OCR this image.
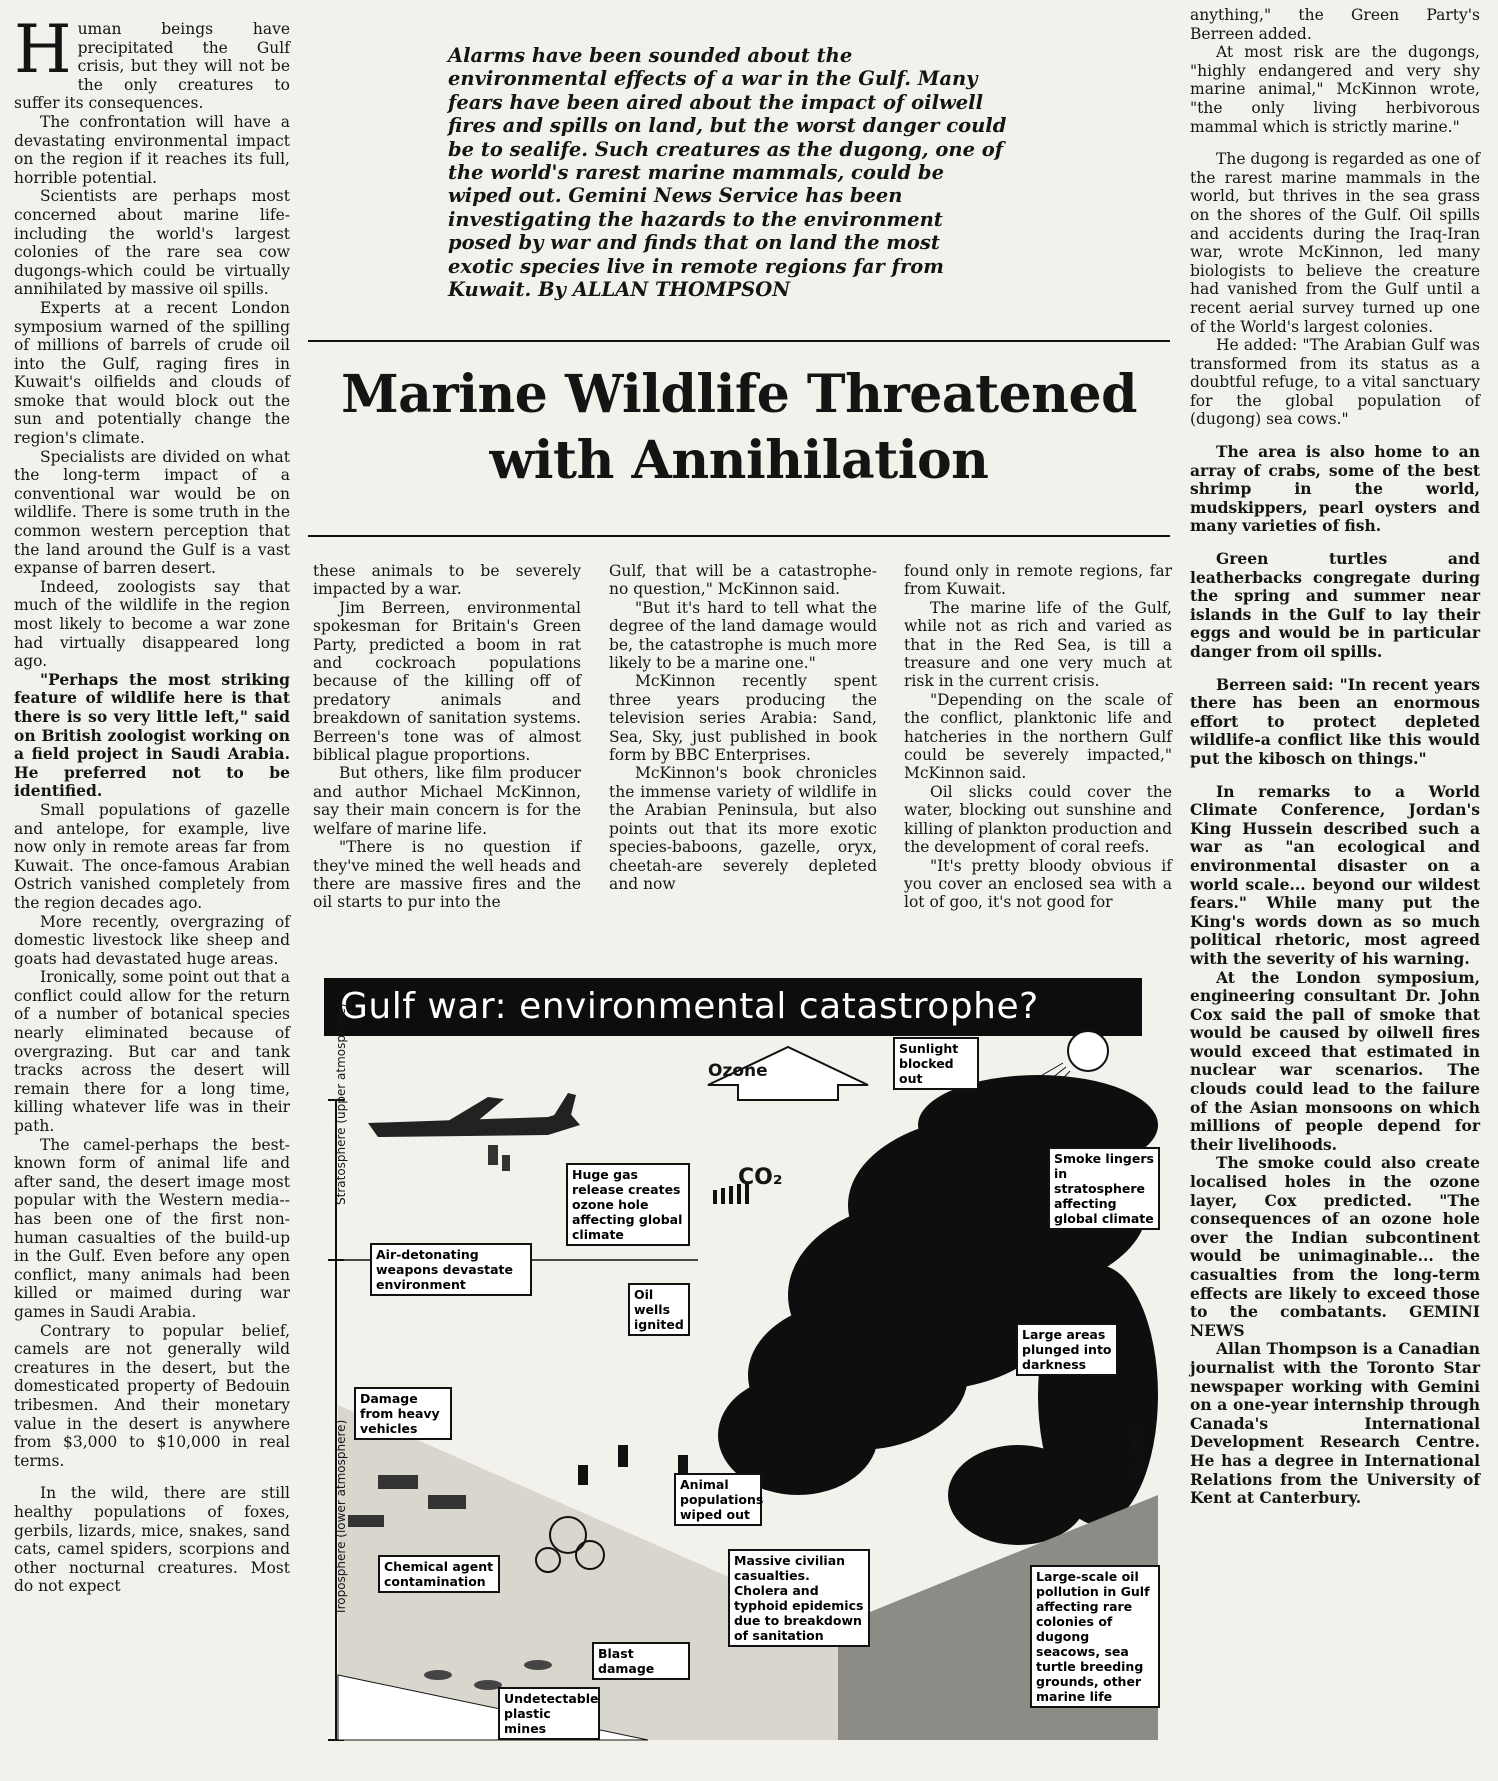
Human beings have precipitated the Gulf crisis, but they will not be the only creatures to suffer its consequences.

The confrontation will have a devastating environmental impact on the region if it reaches its full, horrible potential.

Scientists are perhaps most concerned about marine life-including the world's largest colonies of the rare sea cow dugongs-which could be virtually annihilated by massive oil spills.

Experts at a recent London symposium warned of the spilling of millions of barrels of crude oil into the Gulf, raging fires in Kuwait's oilfields and clouds of smoke that would block out the sun and potentially change the region's climate.

Specialists are divided on what the long-term impact of a conventional war would be on wildlife. There is some truth in the common western perception that the land around the Gulf is a vast expanse of barren desert.

Indeed, zoologists say that much of the wildlife in the region most likely to become a war zone had virtually disappeared long ago.

"Perhaps the most striking feature of wildlife here is that there is so very little left," said on British zoologist working on a field project in Saudi Arabia. He preferred not to be identified.

Small populations of gazelle and antelope, for example, live now only in remote areas far from Kuwait. The once-famous Arabian Ostrich vanished completely from the region decades ago.

More recently, overgrazing of domestic livestock like sheep and goats had devastated huge areas.

Ironically, some point out that a conflict could allow for the return of a number of botanical species nearly eliminated because of overgrazing. But car and tank tracks across the desert will remain there for a long time, killing whatever life was in their path.

The camel-perhaps the best-known form of animal life and after sand, the desert image most popular with the Western media-- has been one of the first non-human casualties of the build-up in the Gulf. Even before any open conflict, many animals had been killed or maimed during war games in Saudi Arabia.

Contrary to popular belief, camels are not generally wild creatures in the desert, but the domesticated property of Bedouin tribesmen. And their monetary value in the desert is anywhere from $3,000 to $10,000 in real terms.

In the wild, there are still healthy populations of foxes, gerbils, lizards, mice, snakes, sand cats, camel spiders, scorpions and other nocturnal creatures. Most do not expect

Alarms have been sounded about the environmental effects of a war in the Gulf. Many fears have been aired about the impact of oilwell fires and spills on land, but the worst danger could be to sealife. Such creatures as the dugong, one of the world's rarest marine mammals, could be wiped out. Gemini News Service has been investigating the hazards to the environment posed by war and finds that on land the most exotic species live in remote regions far from Kuwait. By ALLAN THOMPSON
Marine Wildlife Threatened
with Annihilation

these animals to be severely impacted by a war.

Jim Berreen, environmental spokesman for Britain's Green Party, predicted a boom in rat and cockroach populations because of the killing off of predatory animals and breakdown of sanitation systems. Berreen's tone was of almost biblical plague proportions.

But others, like film producer and author Michael McKinnon, say their main concern is for the welfare of marine life.

"There is no question if they've mined the well heads and there are massive fires and the oil starts to pur into the

Gulf, that will be a catastrophe-no question," McKinnon said.

"But it's hard to tell what the degree of the land damage would be, the catastrophe is much more likely to be a marine one."

McKinnon recently spent three years producing the television series Arabia: Sand, Sea, Sky, just published in book form by BBC Enterprises.

McKinnon's book chronicles the immense variety of wildlife in the Arabian Peninsula, but also points out that its more exotic species-baboons, gazelle, oryx, cheetah-are severely depleted and now

found only in remote regions, far from Kuwait.

The marine life of the Gulf, while not as rich and varied as that in the Red Sea, is till a treasure and one very much at risk in the current crisis.

"Depending on the scale of the conflict, planktonic life and hatcheries in the northern Gulf could be severely impacted," McKinnon said.

Oil slicks could cover the water, blocking out sunshine and killing of plankton production and the development of coral reefs.

"It's pretty bloody obvious if you cover an enclosed sea with a lot of goo, it's not good for

anything," the Green Party's Berreen added.

At most risk are the dugongs, "highly endangered and very shy marine animal," McKinnon wrote, "the only living herbivorous mammal which is strictly marine."

The dugong is regarded as one of the rarest marine mammals in the world, but thrives in the sea grass on the shores of the Gulf. Oil spills and accidents during the Iraq-Iran war, wrote McKinnon, led many biologists to believe the creature had vanished from the Gulf until a recent aerial survey turned up one of the World's largest colonies.

He added: "The Arabian Gulf was transformed from its status as a doubtful refuge, to a vital sanctuary for the global population of (dugong) sea cows."

The area is also home to an array of crabs, some of the best shrimp in the world, mudskippers, pearl oysters and many varieties of fish.

Green turtles and leatherbacks congregate during the spring and summer near islands in the Gulf to lay their eggs and would be in particular danger from oil spills.

Berreen said: "In recent years there has been an enormous effort to protect depleted wildlife-a conflict like this would put the kibosch on things."

In remarks to a World Climate Conference, Jordan's King Hussein described such a war as "an ecological and environmental disaster on a world scale... beyond our wildest fears." While many put the King's words down as so much political rhetoric, most agreed with the severity of his warning.

At the London symposium, engineering consultant Dr. John Cox said the pall of smoke that would be caused by oilwell fires would exceed that estimated in nuclear war scenarios. The clouds could lead to the failure of the Asian monsoons on which millions of people depend for their livelihoods.

The smoke could also create localised holes in the ozone layer, Cox predicted. "The consequences of an ozone hole over the Indian subcontinent would be unimaginable... the casualties from the long-term effects are likely to exceed those to the combatants. GEMINI NEWS

Allan Thompson is a Canadian journalist with the Toronto Star newspaper working with Gemini on a one-year internship through Canada's International Development Research Centre. He has a degree in International Relations from the University of Kent at Canterbury.

Gulf war: environmental catastrophe?
Stratosphere (upper atmosphere)
Troposphere (lower atmosphere)
Ozone
CO₂
Sunlight blocked out
Huge gas release creates ozone hole affecting global climate
Smoke lingers in stratosphere affecting global climate
Air-detonating weapons devastate environment
Oil wells ignited
Large areas plunged into darkness
Damage from heavy vehicles
Animal populations wiped out
Chemical agent contamination
Massive civilian casualties. Cholera and typhoid epidemics due to breakdown of sanitation
Large-scale oil pollution in Gulf affecting rare colonies of dugong seacows, sea turtle breeding grounds, other marine life
Blast damage
Undetectable plastic mines
IG 2392
